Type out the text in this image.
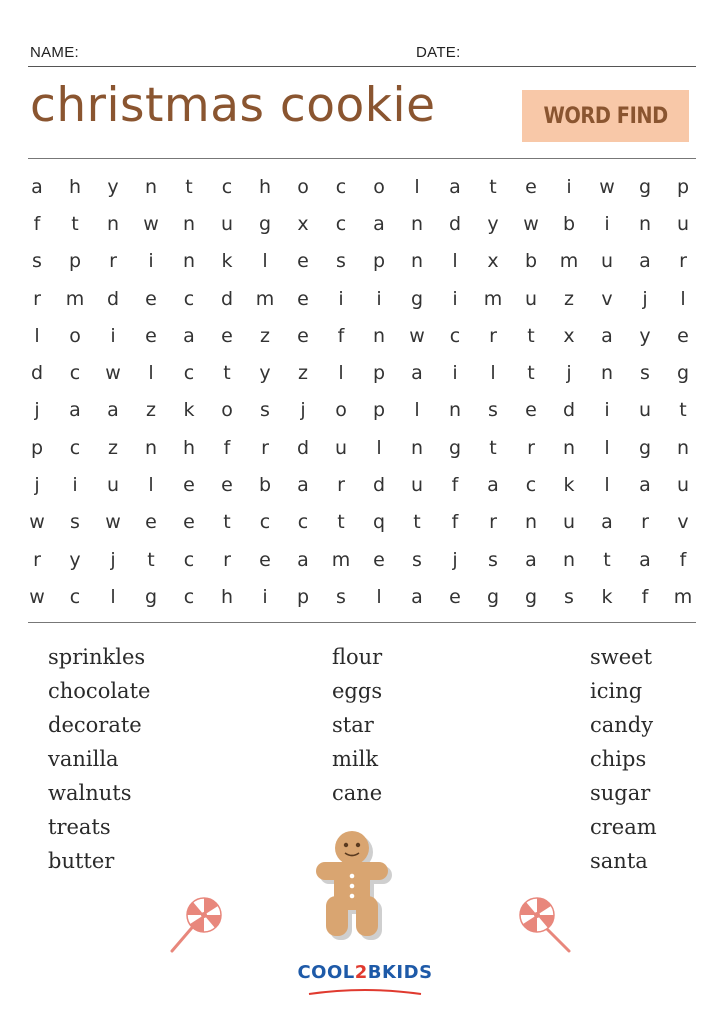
NAME:	DATE:
christmas cookie	WORD FIND
a	h	y	n	t	c	h	o	c	o	l	a	t	e	i	w	g	p
f	t	n	w	n	u	g	x	c	a	n	d	y	w	b	i	n	u
s	p	r	i	n	k	l	e	s	p	n	l	x	b	m	u	a	r
r	m	d	e	c	d	m	e	i	i	g	i	m	u	z	v	j	l
l	o	i	e	a	e	z	e	f	n	w	c	r	t	x	a	y	e
d	c	w	l	c	t	y	z	l	p	a	i	l	t	j	n	s	g
j	a	a	z	k	o	s	j	o	p	l	n	s	e	d	i	u	t
p	c	z	n	h	f	r	d	u	l	n	g	t	r	n	l	g	n
j	i	u	l	e	e	b	a	r	d	u	f	a	c	k	l	a	u
w	s	w	e	e	t	c	c	t	q	t	f	r	n	u	a	r	v
r	y	j	t	c	r	e	a	m	e	s	j	s	a	n	t	a	f
w	c	l	g	c	h	i	p	s	l	a	e	g	g	s	k	f	m
sprinkles
chocolate
decorate
vanilla
walnuts
treats
butter
flour
eggs
star
milk
cane
sweet
icing
candy
chips
sugar
cream
santa
COOL2BKIDS
